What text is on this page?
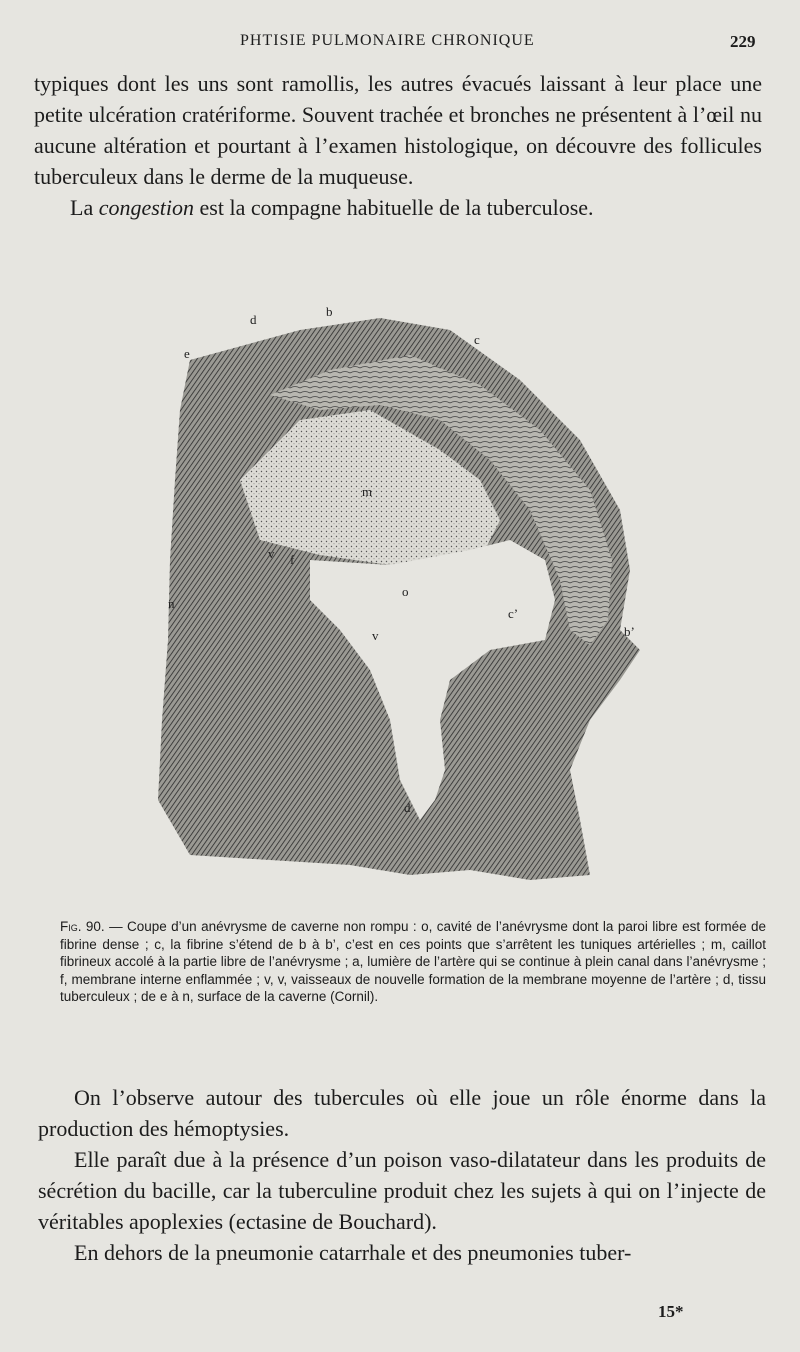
PHTISIE PULMONAIRE CHRONIQUE	229

typiques dont les uns sont ramollis, les autres évacués laissant à leur place une petite ulcération cratériforme. Souvent trachée et bronches ne présentent à l’œil nu aucune altération et pourtant à l’examen histologique, on découvre des follicules tuberculeux dans le derme de la muqueuse.

La congestion est la compagne habituelle de la tuberculose.

d
b
c
e
m
v f
o
c’
n
v	b’
d

Fig. 90. — Coupe d’un anévrysme de caverne non rompu : o, cavité de l’anévrysme dont la paroi libre est formée de fibrine dense ; c, la fibrine s’étend de b à b’, c’est en ces points que s’arrêtent les tuniques artérielles ; m, caillot fibrineux accolé à la partie libre de l’anévrysme ; a, lumière de l’artère qui se continue à plein canal dans l’anévrysme ; f, membrane interne enflammée ; v, v, vaisseaux de nouvelle formation de la membrane moyenne de l’artère ; d, tissu tuberculeux ; de e à n, surface de la caverne (Cornil).

On l’observe autour des tubercules où elle joue un rôle énorme dans la production des hémoptysies.

Elle paraît due à la présence d’un poison vaso-dilatateur dans les produits de sécrétion du bacille, car la tuberculine produit chez les sujets à qui on l’injecte de véritables apoplexies (ectasine de Bouchard).

En dehors de la pneumonie catarrhale et des pneumonies tuber-

15*
